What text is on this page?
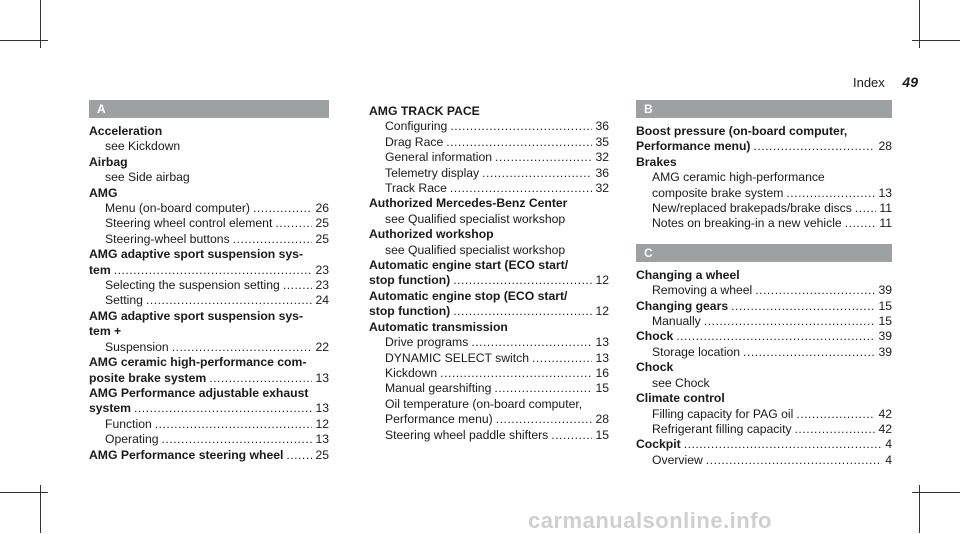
Index 49
A
Acceleration
see Kickdown
Airbag
see Side airbag
AMG
Menu (on-board computer) .....	26
Steering wheel control element .....	25
Steering-wheel buttons .....	25
AMG adaptive sport suspension sys-
tem .....	23
Selecting the suspension setting .....	23
Setting .....	24
AMG adaptive sport suspension sys-
tem +
Suspension .....	22
AMG ceramic high-performance com-
posite brake system .....	13
AMG Performance adjustable exhaust
system .....	13
Function .....	12
Operating .....	13
AMG Performance steering wheel .....	25
AMG TRACK PACE
Configuring .....	36
Drag Race .....	35
General information .....	32
Telemetry display .....	36
Track Race .....	32
Authorized Mercedes-Benz Center
see Qualified specialist workshop
Authorized workshop
see Qualified specialist workshop
Automatic engine start (ECO start/
stop function) .....	12
Automatic engine stop (ECO start/
stop function) .....	12
Automatic transmission
Drive programs .....	13
DYNAMIC SELECT switch .....	13
Kickdown .....	16
Manual gearshifting .....	15
Oil temperature (on-board computer,
Performance menu) .....	28
Steering wheel paddle shifters .....	15
B
Boost pressure (on-board computer,
Performance menu) .....	28
Brakes
AMG ceramic high-performance
composite brake system .....	13
New/replaced brakepads/brake discs ..... 11
Notes on breaking-in a new vehicle .....	11
C
Changing a wheel
Removing a wheel .....	39
Changing gears .....	15
Manually .....	15
Chock .....	39
Storage location .....	39
Chock
see Chock
Climate control
Filling capacity for PAG oil .....	42
Refrigerant filling capacity .....	42
Cockpit .....	4
Overview .....	4
carmanualsonline.info
